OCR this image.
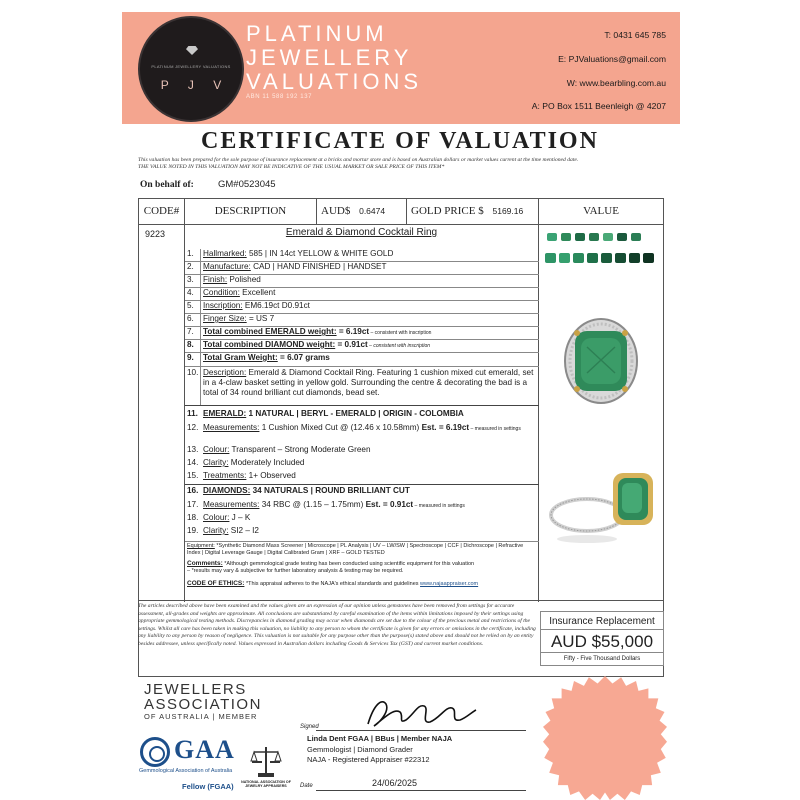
PLATINUM JEWELLERY VALUATIONS
P J V
PLATINUM
JEWELLERY
VALUATIONS
ABN 11 588 192 137
T: 0431 645 785
E: PJValuations@gmail.com
W: www.bearbling.com.au
A: PO Box 1511 Beenleigh @ 4207
CERTIFICATE OF VALUATION
This valuation has been prepared for the sole purpose of insurance replacement at a bricks and mortar store and is based on Australian dollars or market values current at the time mentioned date.
THE VALUE NOTED IN THIS VALUATION MAY NOT BE INDICATIVE OF THE USUAL MARKET OR SALE PRICE OF THIS ITEM*
On behalf of:	GM#0523045
CODE#	DESCRIPTION	AUD$ 0.6474	GOLD PRICE $ 5169.16	VALUE
9223	Emerald & Diamond Cocktail Ring
1. Hallmarked: 585 | IN 14ct YELLOW & WHITE GOLD
2. Manufacture: CAD | HAND FINISHED | HANDSET
3. Finish: Polished
4. Condition: Excellent
5. Inscription: EM6.19ct D0.91ct
6. Finger Size: = US 7
7. Total combined EMERALD weight: = 6.19ct – consistent with inscription
8. Total combined DIAMOND weight: = 0.91ct – consistent with inscription
9. Total Gram Weight: = 6.07 grams
10. Description: Emerald & Diamond Cocktail Ring. Featuring 1 cushion mixed cut emerald, set in a 4-claw basket setting in yellow gold. Surrounding the centre & decorating the bad is a total of 34 round brilliant cut diamonds, bead set.
11. EMERALD: 1 NATURAL | BERYL - EMERALD | ORIGIN - COLOMBIA
12. Measurements: 1 Cushion Mixed Cut @ (12.46 x 10.58mm) Est. = 6.19ct – measured in settings
13. Colour: Transparent – Strong Moderate Green
14. Clarity: Moderately Included
15. Treatments: 1+ Observed
16. DIAMONDS: 34 NATURALS | ROUND BRILLIANT CUT
17. Measurements: 34 RBC @ (1.15 – 1.75mm) Est. = 0.91ct – measured in settings
18. Colour: J – K
19. Clarity: SI2 – I2
Equipment: *Synthetic Diamond Mass Screener | Microscope | PL Analysis | UV – LW/SW | Spectroscope | CCF | Dichroscope | Refractive Index | Digital Leverage Gauge | Digital Calibrated Gram | XRF – GOLD TESTED
Comments: *Although gemmological grade testing has been conducted using scientific equipment for this valuation
– *results may vary & subjective for further laboratory analysis & testing may be required.
CODE OF ETHICS: *This appraisal adheres to the NAJA's ethical standards and guidelines www.najaappraiser.com
The articles described above have been examined and the values given are an expression of our opinion unless gemstones have been removed from settings for accurate assessment, all-grades and weights are approximate. All conclusions are substantiated by careful examination of the items within limitations imposed by their settings using appropriate gemmological testing methods. Discrepancies in diamond grading may occur when diamonds are set due to the colour of the precious metal and restrictions of the settings. Whilst all care has been taken in making this valuation, no liability to any person to whom the certificate is given for any errors or omissions in the certificate, including any liability to any person by reason of negligence. This valuation is not suitable for any purpose other than the purpose(s) stated above and should not be relied on by an entity besides addressee, unless specifically noted. Values expressed in Australian dollars including Goods & Services Tax (GST) and current market conditions.
Insurance Replacement
AUD $55,000
Fifty - Five Thousand Dollars
JEWELLERS
ASSOCIATION
OF AUSTRALIA | MEMBER
GAA
Gemmological Association of Australia
Fellow (FGAA) NATIONAL ASSOCIATION OF JEWELRY APPRAISERS
Signed
Linda Dent FGAA | BBus | Member NAJA
Gemmologist | Diamond Grader
NAJA - Registered Appraiser #22312
Date	24/06/2025
